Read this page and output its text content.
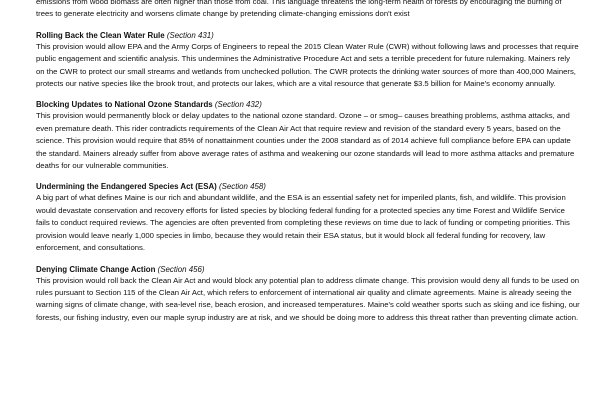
emissions from wood biomass are often higher than those from coal. This language threatens the long-term health of forests by encouraging the burning of trees to generate electricity and worsens climate change by pretending climate-changing emissions don't exist

Rolling Back the Clean Water Rule (Section 431)

This provision would allow EPA and the Army Corps of Engineers to repeal the 2015 Clean Water Rule (CWR) without following laws and processes that require public engagement and scientific analysis. This undermines the Administrative Procedure Act and sets a terrible precedent for future rulemaking. Mainers rely on the CWR to protect our small streams and wetlands from unchecked pollution. The CWR protects the drinking water sources of more than 400,000 Mainers, protects our native species like the brook trout, and protects our lakes, which are a vital resource that generate $3.5 billion for Maine's economy annually.

Blocking Updates to National Ozone Standards (Section 432)

This provision would permanently block or delay updates to the national ozone standard. Ozone – or smog– causes breathing problems, asthma attacks, and even premature death. This rider contradicts requirements of the Clean Air Act that require review and revision of the standard every 5 years, based on the science. This provision would require that 85% of nonattainment counties under the 2008 standard as of 2014 achieve full compliance before EPA can update the standard. Mainers already suffer from above average rates of asthma and weakening our ozone standards will lead to more asthma attacks and premature deaths for our vulnerable communities.

Undermining the Endangered Species Act (ESA) (Section 458)

A big part of what defines Maine is our rich and abundant wildlife, and the ESA is an essential safety net for imperiled plants, fish, and wildlife. This provision would devastate conservation and recovery efforts for listed species by blocking federal funding for a protected species any time Forest and Wildlife Service fails to conduct required reviews. The agencies are often prevented from completing these reviews on time due to lack of funding or competing priorities. This provision would leave nearly 1,000 species in limbo, because they would retain their ESA status, but it would block all federal funding for recovery, law enforcement, and consultations.

Denying Climate Change Action (Section 456)

This provision would roll back the Clean Air Act and would block any potential plan to address climate change. This provision would deny all funds to be used on rules pursuant to Section 115 of the Clean Air Act, which refers to enforcement of international air quality and climate agreements. Maine is already seeing the warning signs of climate change, with sea-level rise, beach erosion, and increased temperatures. Maine's cold weather sports such as skiing and ice fishing, our forests, our fishing industry, even our maple syrup industry are at risk, and we should be doing more to address this threat rather than preventing climate action.
